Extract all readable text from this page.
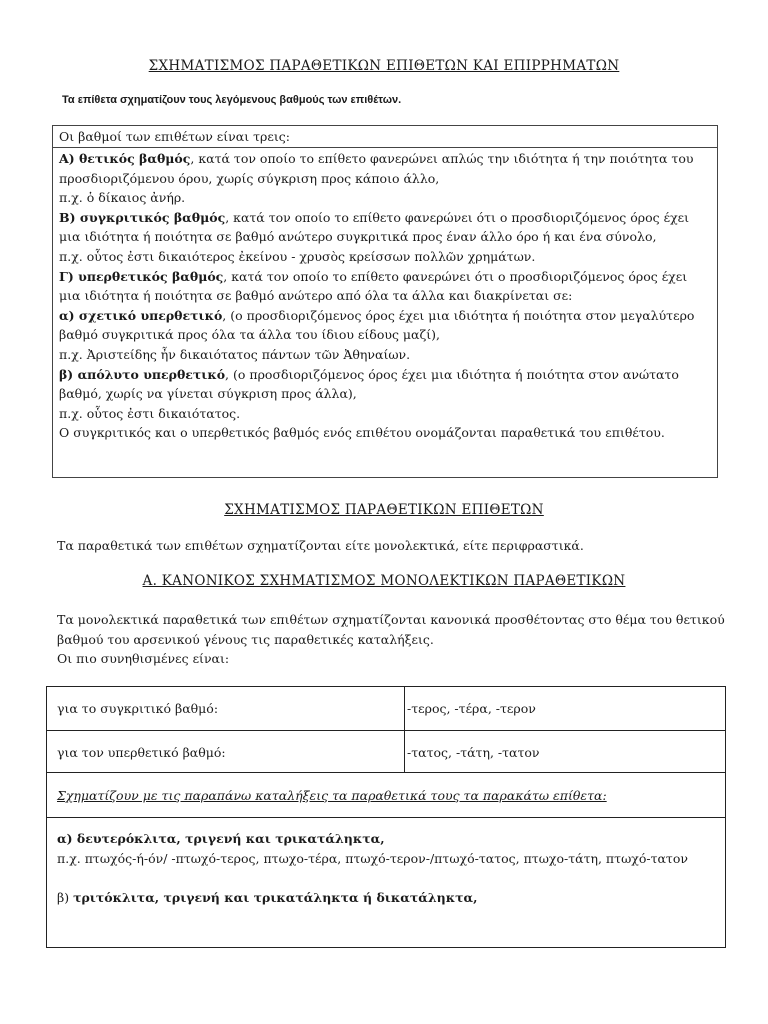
ΣΧΗΜΑΤΙΣΜΟΣ ΠΑΡΑΘΕΤΙΚΩΝ ΕΠΙΘΕΤΩΝ ΚΑΙ ΕΠΙΡΡΗΜΑΤΩΝ
Τα επίθετα σχηματίζουν τους λεγόμενους βαθμούς των επιθέτων.
Οι βαθμοί των επιθέτων είναι τρεις:

Α) θετικός βαθμός, κατά τον οποίο το επίθετο φανερώνει απλώς την ιδιότητα ή την ποιότητα του προσδιοριζόμενου όρου, χωρίς σύγκριση προς κάποιο άλλο,

π.χ. ὁ δίκαιος ἀνήρ.

Β) συγκριτικός βαθμός, κατά τον οποίο το επίθετο φανερώνει ότι ο προσδιοριζόμενος όρος έχει μια ιδιότητα ή ποιότητα σε βαθμό ανώτερο συγκριτικά προς έναν άλλο όρο ή και ένα σύνολο,

π.χ. οὗτος ἐστι δικαιότερος ἐκείνου - χρυσὸς κρείσσων πολλῶν χρημάτων.

Γ) υπερθετικός βαθμός, κατά τον οποίο το επίθετο φανερώνει ότι ο προσδιοριζόμενος όρος έχει μια ιδιότητα ή ποιότητα σε βαθμό ανώτερο από όλα τα άλλα και διακρίνεται σε:

α) σχετικό υπερθετικό, (ο προσδιοριζόμενος όρος έχει μια ιδιότητα ή ποιότητα στον μεγαλύτερο βαθμό συγκριτικά προς όλα τα άλλα του ίδιου είδους μαζί),

π.χ. Ἀριστείδης ἦν δικαιότατος πάντων τῶν Ἀθηναίων.

β) απόλυτο υπερθετικό, (ο προσδιοριζόμενος όρος έχει μια ιδιότητα ή ποιότητα στον ανώτατο βαθμό, χωρίς να γίνεται σύγκριση προς άλλα),

π.χ. οὗτος ἐστι δικαιότατος.

Ο συγκριτικός και ο υπερθετικός βαθμός ενός επιθέτου ονομάζονται παραθετικά του επιθέτου.

ΣΧΗΜΑΤΙΣΜΟΣ ΠΑΡΑΘΕΤΙΚΩΝ ΕΠΙΘΕΤΩΝ

Τα παραθετικά των επιθέτων σχηματίζονται είτε μονολεκτικά, είτε περιφραστικά.

Α. ΚΑΝΟΝΙΚΟΣ ΣΧΗΜΑΤΙΣΜΟΣ ΜΟΝΟΛΕΚΤΙΚΩΝ ΠΑΡΑΘΕΤΙΚΩΝ

Τα μονολεκτικά παραθετικά των επιθέτων σχηματίζονται κανονικά προσθέτοντας στο θέμα του θετικού βαθμού του αρσενικού γένους τις παραθετικές καταλήξεις.

Οι πιο συνηθισμένες είναι:

για το συγκριτικό βαθμό:	-τερος, -τέρα, -τερον
για τον υπερθετικό βαθμό:	-τατος, -τάτη, -τατον
Σχηματίζουν με τις παραπάνω καταλήξεις τα παραθετικά τους τα παρακάτω επίθετα:

α) δευτερόκλιτα, τριγενή και τρικατάληκτα,

π.χ. πτωχός-ή-όν/ -πτωχό-τερος, πτωχο-τέρα, πτωχό-τερον-/πτωχό-τατος, πτωχο-τάτη, πτωχό-τατον

β) τριτόκλιτα, τριγενή και τρικατάληκτα ή δικατάληκτα,
